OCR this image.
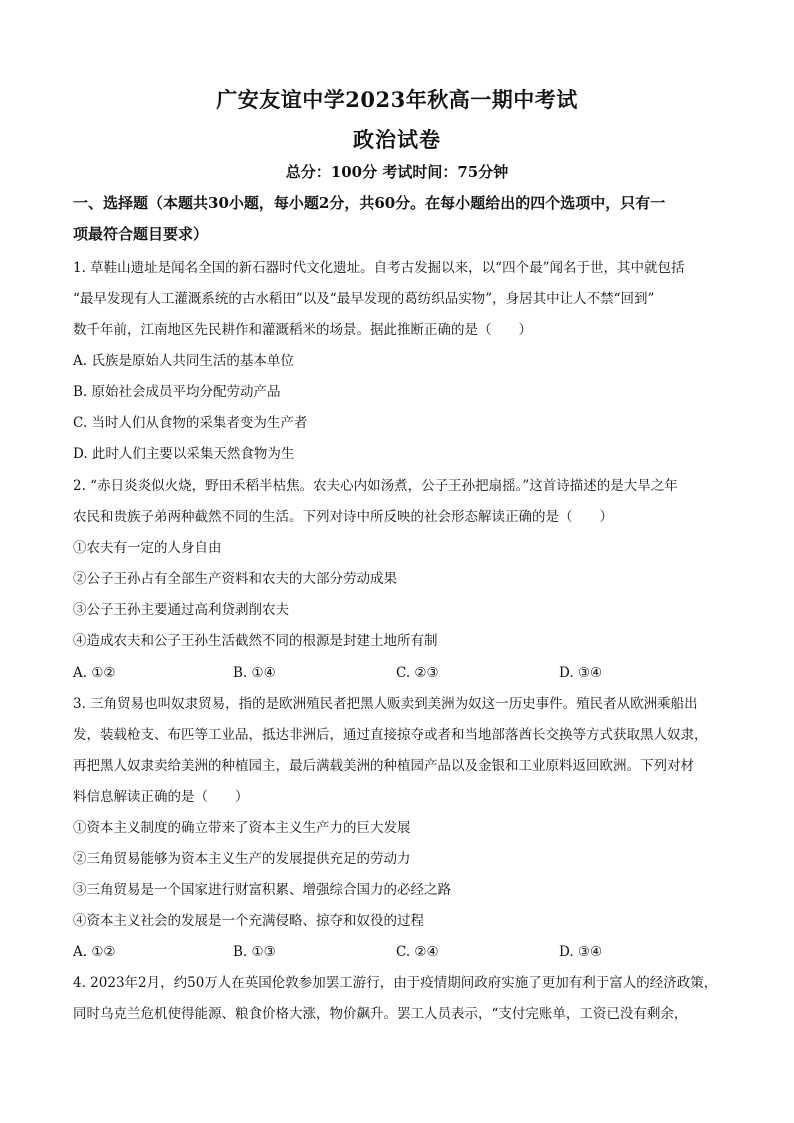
广安友谊中学2023年秋高一期中考试
政治试卷
总分：100分 考试时间：75分钟
一、选择题（本题共30小题，每小题2分，共60分。在每小题给出的四个选项中，只有一
项最符合题目要求）
1. 草鞋山遗址是闻名全国的新石器时代文化遗址。自考古发掘以来，以“四个最”闻名于世，其中就包括
“最早发现有人工灌溉系统的古水稻田”以及“最早发现的葛纺织品实物”，身居其中让人不禁“回到”
数千年前，江南地区先民耕作和灌溉稻米的场景。据此推断正确的是（　　）
A. 氏族是原始人共同生活的基本单位
B. 原始社会成员平均分配劳动产品
C. 当时人们从食物的采集者变为生产者
D. 此时人们主要以采集天然食物为生
2. “赤日炎炎似火烧，野田禾稻半枯焦。农夫心内如汤煮，公子王孙把扇摇。”这首诗描述的是大旱之年
农民和贵族子弟两种截然不同的生活。下列对诗中所反映的社会形态解读正确的是（　　）
①农夫有一定的人身自由
②公子王孙占有全部生产资料和农夫的大部分劳动成果
③公子王孙主要通过高利贷剥削农夫
④造成农夫和公子王孙生活截然不同的根源是封建土地所有制
A. ①②	B. ①④	C. ②③	D. ③④
3. 三角贸易也叫奴隶贸易，指的是欧洲殖民者把黑人贩卖到美洲为奴这一历史事件。殖民者从欧洲乘船出
发，装载枪支、布匹等工业品，抵达非洲后，通过直接掠夺或者和当地部落酋长交换等方式获取黑人奴隶，
再把黑人奴隶卖给美洲的种植园主，最后满载美洲的种植园产品以及金银和工业原料返回欧洲。下列对材
料信息解读正确的是（　　）
①资本主义制度的确立带来了资本主义生产力的巨大发展
②三角贸易能够为资本主义生产的发展提供充足的劳动力
③三角贸易是一个国家进行财富积累、增强综合国力的必经之路
④资本主义社会的发展是一个充满侵略、掠夺和奴役的过程
A. ①②	B. ①③	C. ②④	D. ③④
4. 2023年2月，约50万人在英国伦敦参加罢工游行，由于疫情期间政府实施了更加有利于富人的经济政策，
同时乌克兰危机使得能源、粮食价格大涨，物价飙升。罢工人员表示，“支付完账单，工资已没有剩余，
